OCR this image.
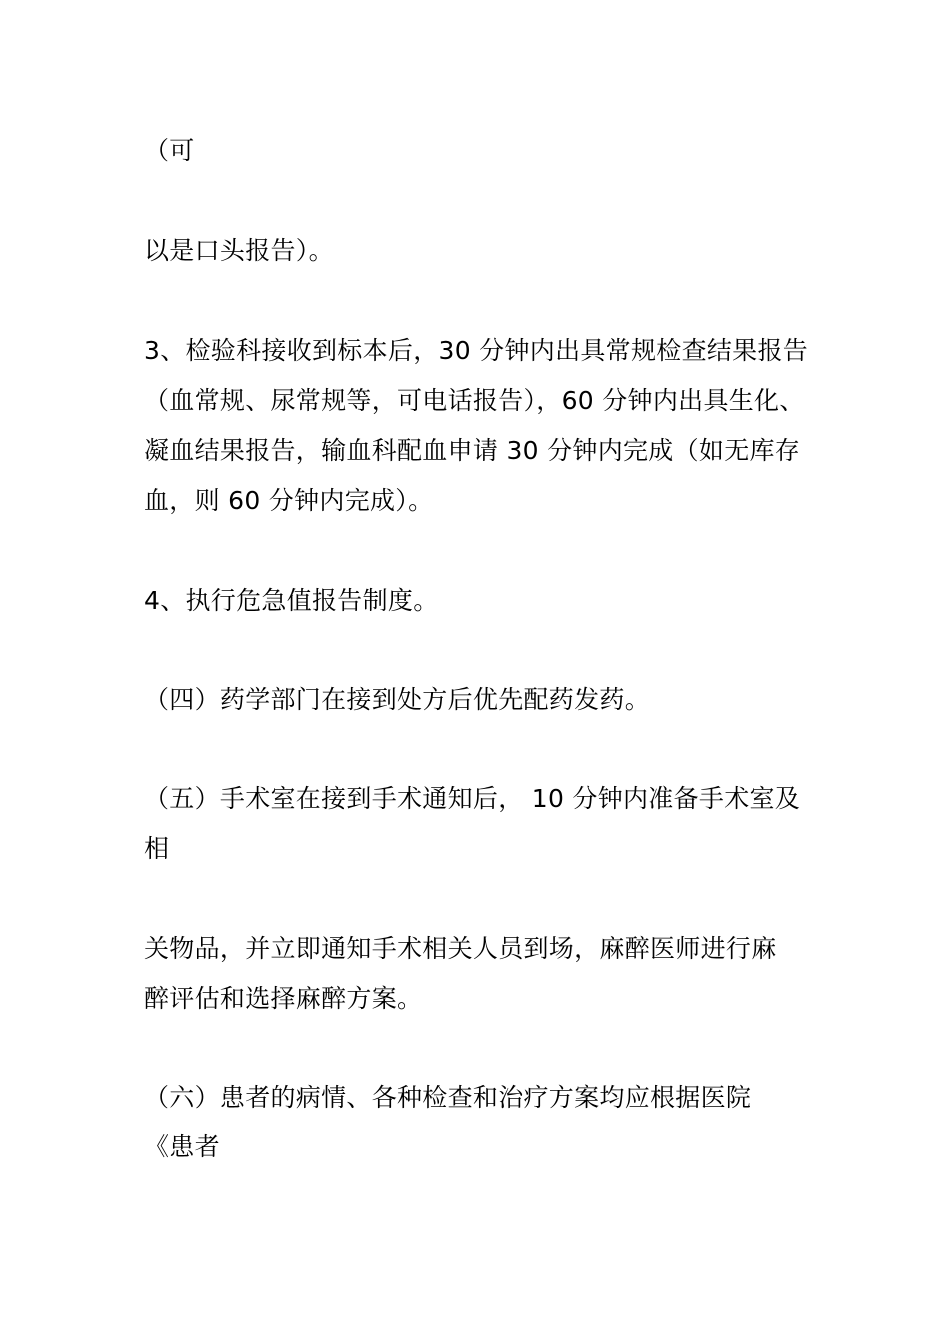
（可
以是口头报告）。
3、检验科接收到标本后，30 分钟内出具常规检查结果报告
（血常规、尿常规等，可电话报告），60 分钟内出具生化、
凝血结果报告，输血科配血申请 30 分钟内完成（如无库存
血，则 60 分钟内完成）。
4、执行危急值报告制度。
（四）药学部门在接到处方后优先配药发药。
（五）手术室在接到手术通知后， 10 分钟内准备手术室及
相
关物品，并立即通知手术相关人员到场，麻醉医师进行麻
醉评估和选择麻醉方案。
（六）患者的病情、各种检查和治疗方案均应根据医院
《患者
